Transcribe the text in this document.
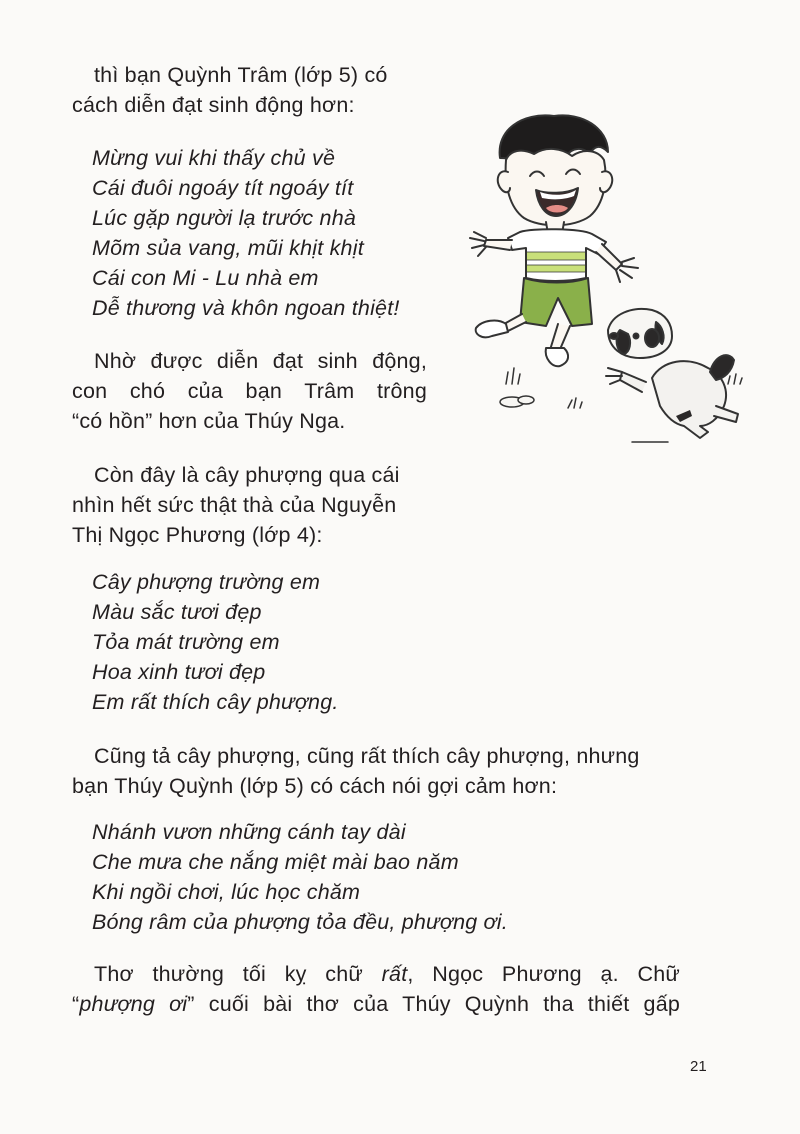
thì bạn Quỳnh Trâm (lớp 5) có
cách diễn đạt sinh động hơn:
Mừng vui khi thấy chủ về
Cái đuôi ngoáy tít ngoáy tít
Lúc gặp người lạ trước nhà
Mõm sủa vang, mũi khịt khịt
Cái con Mi - Lu nhà em
Dễ thương và khôn ngoan thiệt!
Nhờ được diễn đạt sinh động,
con chó của bạn Trâm trông
“có hồn” hơn của Thúy Nga.
Còn đây là cây phượng qua cái
nhìn hết sức thật thà của Nguyễn
Thị Ngọc Phương (lớp 4):
Cây phượng trường em
Màu sắc tươi đẹp
Tỏa mát trường em
Hoa xinh tươi đẹp
Em rất thích cây phượng.
Cũng tả cây phượng, cũng rất thích cây phượng, nhưng
bạn Thúy Quỳnh (lớp 5) có cách nói gợi cảm hơn:
Nhánh vươn những cánh tay dài
Che mưa che nắng miệt mài bao năm
Khi ngồi chơi, lúc học chăm
Bóng râm của phượng tỏa đều, phượng ơi.
Thơ thường tối kỵ chữ rất, Ngọc Phương ạ. Chữ
“phượng ơi” cuối bài thơ của Thúy Quỳnh tha thiết gấp
21
